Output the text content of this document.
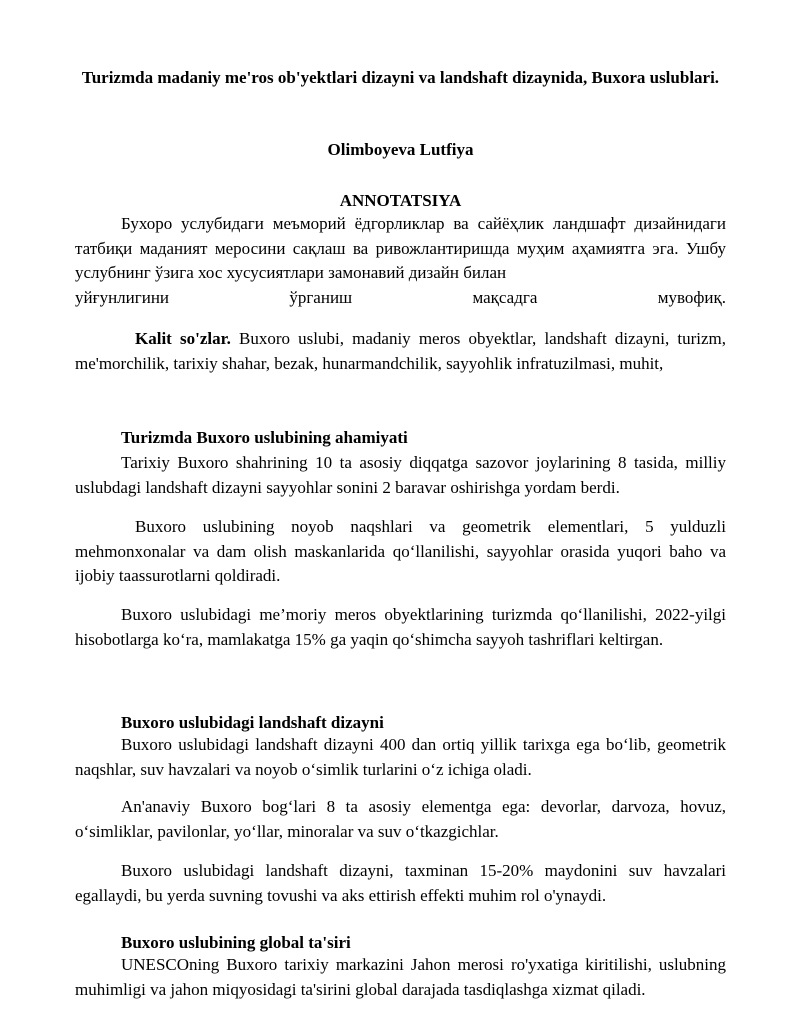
Turizmda madaniy me'ros ob'yektlari dizayni va landshaft dizaynida, Buxora uslublari.

Olimboyeva Lutfiya

ANNOTATSIYA

Бухоро услубидаги меъморий ёдгорликлар ва сайёҳлик ландшафт дизайнидаги татбиқи маданият меросини сақлаш ва ривожлантиришда муҳим аҳамиятга эга. Ушбу услубнинг ўзига хос хусусиятлари замонавий дизайн билан

уйғунлигини ўрганиш мақсадга мувофиқ.

Kalit so'zlar. Buxoro uslubi, madaniy meros obyektlar, landshaft dizayni, turizm, me'morchilik, tarixiy shahar, bezak, hunarmandchilik, sayyohlik infratuzilmasi, muhit,

Turizmda Buxoro uslubining ahamiyati

Tarixiy Buxoro shahrining 10 ta asosiy diqqatga sazovor joylarining 8 tasida, milliy uslubdagi landshaft dizayni sayyohlar sonini 2 baravar oshirishga yordam berdi.

Buxoro uslubining noyob naqshlari va geometrik elementlari, 5 yulduzli mehmonxonalar va dam olish maskanlarida qo‘llanilishi, sayyohlar orasida yuqori baho va ijobiy taassurotlarni qoldiradi.

Buxoro uslubidagi me’moriy meros obyektlarining turizmda qo‘llanilishi, 2022-yilgi hisobotlarga ko‘ra, mamlakatga 15% ga yaqin qo‘shimcha sayyoh tashriflari keltirgan.

Buxoro uslubidagi landshaft dizayni

Buxoro uslubidagi landshaft dizayni 400 dan ortiq yillik tarixga ega bo‘lib, geometrik naqshlar, suv havzalari va noyob o‘simlik turlarini o‘z ichiga oladi.

An'anaviy Buxoro bog‘lari 8 ta asosiy elementga ega: devorlar, darvoza, hovuz, o‘simliklar, pavilonlar, yo‘llar, minoralar va suv o‘tkazgichlar.

Buxoro uslubidagi landshaft dizayni, taxminan 15-20% maydonini suv havzalari egallaydi, bu yerda suvning tovushi va aks ettirish effekti muhim rol o'ynaydi.

Buxoro uslubining global ta'siri

UNESCOning Buxoro tarixiy markazini Jahon merosi ro'yxatiga kiritilishi, uslubning muhimligi va jahon miqyosidagi ta'sirini global darajada tasdiqlashga xizmat qiladi.
